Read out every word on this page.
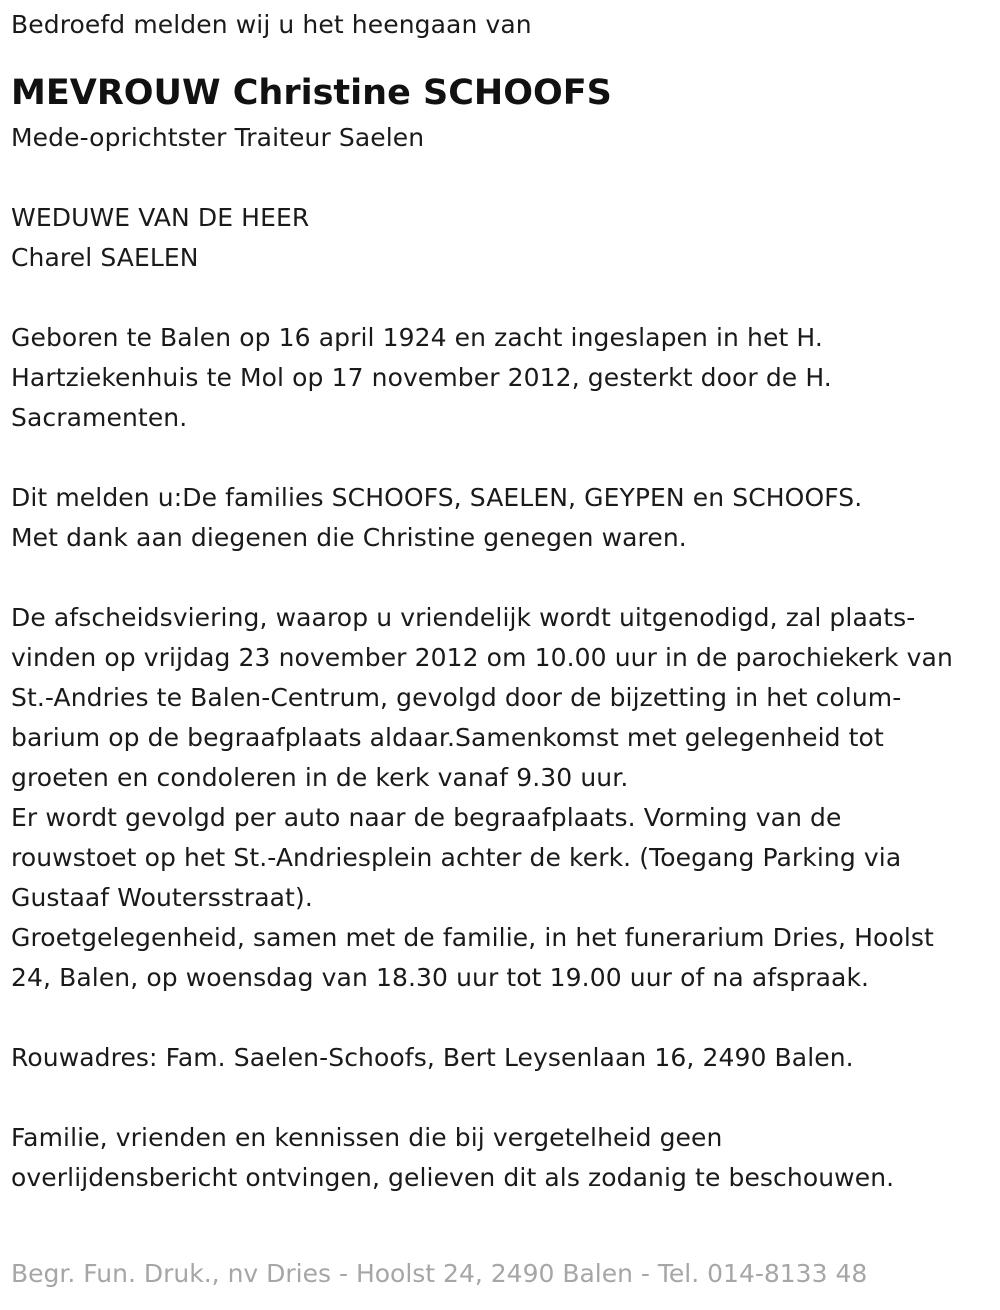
Bedroefd melden wij u het heengaan van
MEVROUW Christine SCHOOFS
Mede-oprichtster Traiteur Saelen
WEDUWE VAN DE HEER
Charel SAELEN
Geboren te Balen op 16 april 1924 en zacht ingeslapen in het H.
Hartziekenhuis te Mol op 17 november 2012, gesterkt door de H.
Sacramenten.
Dit melden u:De families SCHOOFS, SAELEN, GEYPEN en SCHOOFS.
Met dank aan diegenen die Christine genegen waren.
De afscheidsviering, waarop u vriendelijk wordt uitgenodigd, zal plaats-
vinden op vrijdag 23 november 2012 om 10.00 uur in de parochiekerk van
St.-Andries te Balen-Centrum, gevolgd door de bijzetting in het colum-
barium op de begraafplaats aldaar.Samenkomst met gelegenheid tot
groeten en condoleren in de kerk vanaf 9.30 uur.
Er wordt gevolgd per auto naar de begraafplaats. Vorming van de
rouwstoet op het St.-Andriesplein achter de kerk. (Toegang Parking via
Gustaaf Woutersstraat).
Groetgelegenheid, samen met de familie, in het funerarium Dries, Hoolst
24, Balen, op woensdag van 18.30 uur tot 19.00 uur of na afspraak.
Rouwadres: Fam. Saelen-Schoofs, Bert Leysenlaan 16, 2490 Balen.
Familie, vrienden en kennissen die bij vergetelheid geen
overlijdensbericht ontvingen, gelieven dit als zodanig te beschouwen.
Begr. Fun. Druk., nv Dries - Hoolst 24, 2490 Balen - Tel. 014-8133 48
